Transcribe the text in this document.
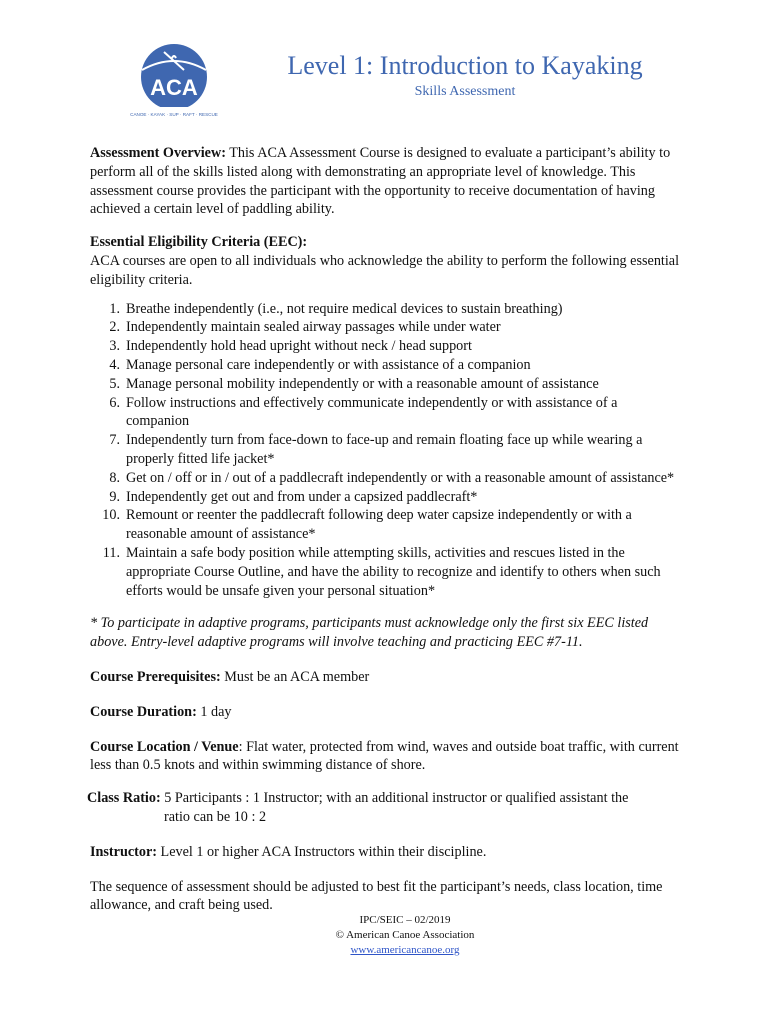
ACA
CANOE · KAYAK · SUP · RAFT · RESCUE
Level 1: Introduction to Kayaking
Skills Assessment

Assessment Overview: This ACA Assessment Course is designed to evaluate a participant’s ability to perform all of the skills listed along with demonstrating an appropriate level of knowledge. This assessment course provides the participant with the opportunity to receive documentation of having achieved a certain level of paddling ability.

Essential Eligibility Criteria (EEC):

ACA courses are open to all individuals who acknowledge the ability to perform the following essential eligibility criteria.

1. Breathe independently (i.e., not require medical devices to sustain breathing)
2. Independently maintain sealed airway passages while under water
3. Independently hold head upright without neck / head support
4. Manage personal care independently or with assistance of a companion
5. Manage personal mobility independently or with a reasonable amount of assistance
6. Follow instructions and effectively communicate independently or with assistance of a companion
7. Independently turn from face-down to face-up and remain floating face up while wearing a properly fitted life jacket*
8. Get on / off or in / out of a paddlecraft independently or with a reasonable amount of assistance*
9. Independently get out and from under a capsized paddlecraft*
10. Remount or reenter the paddlecraft following deep water capsize independently or with a reasonable amount of assistance*
11. Maintain a safe body position while attempting skills, activities and rescues listed in the appropriate Course Outline, and have the ability to recognize and identify to others when such efforts would be unsafe given your personal situation*

* To participate in adaptive programs, participants must acknowledge only the first six EEC listed above. Entry-level adaptive programs will involve teaching and practicing EEC #7-11.

Course Prerequisites: Must be an ACA member

Course Duration: 1 day

Course Location / Venue: Flat water, protected from wind, waves and outside boat traffic, with current less than 0.5 knots and within swimming distance of shore.

Class Ratio: 5 Participants : 1 Instructor; with an additional instructor or qualified assistant the
ratio can be 10 : 2

Instructor: Level 1 or higher ACA Instructors within their discipline.

The sequence of assessment should be adjusted to best fit the participant’s needs, class location, time allowance, and craft being used.

IPC/SEIC – 02/2019
© American Canoe Association
www.americancanoe.org
